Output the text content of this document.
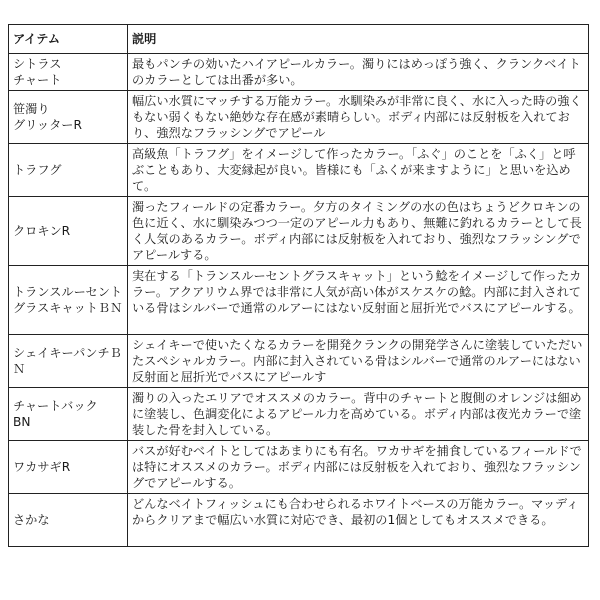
アイテム	説明
シトラス
チャート	最もパンチの効いたハイアピールカラー。濁りにはめっぽう強く、クランクベイトのカラーとしては出番が多い。
笹濁り
グリッターR	幅広い水質にマッチする万能カラー。水馴染みが非常に良く、水に入った時の強くもない弱くもない絶妙な存在感が素晴らしい。ボディ内部には反射板を入れており、強烈なフラッシングでアピール
トラフグ	高級魚「トラフグ」をイメージして作ったカラー。「ふぐ」のことを「ふく」と呼ぶこともあり、大変縁起が良い。皆様にも「ふくが来ますように」と思いを込めて。
クロキンR	濁ったフィールドの定番カラー。夕方のタイミングの水の色はちょうどクロキンの色に近く、水に馴染みつつ一定のアピール力もあり、無難に釣れるカラーとして長く人気のあるカラー。ボディ内部には反射板を入れており、強烈なフラッシングでアピールする。
トランスルーセントグラスキャットＢＮ	実在する「トランスルーセントグラスキャット」という鯰をイメージして作ったカラー。アクアリウム界では非常に人気が高い体がスケスケの鯰。内部に封入されている骨はシルバーで通常のルアーにはない反射面と屈折光でバスにアピールする。
シェイキーパンチＢＮ	シェイキーで使いたくなるカラーを開発クランクの開発学さんに塗装していただいたスペシャルカラー。内部に封入されている骨はシルバーで通常のルアーにはない反射面と屈折光でバスにアピールす
チャートバック
BN	濁りの入ったエリアでオススメのカラー。背中のチャートと腹側のオレンジは細めに塗装し、色調変化によるアピール力を高めている。ボディ内部は夜光カラーで塗装した骨を封入している。
ワカサギR	バスが好むベイトとしてはあまりにも有名。ワカサギを捕食しているフィールドでは特にオススメのカラー。ボディ内部には反射板を入れており、強烈なフラッシングでアピールする。
さかな	どんなベイトフィッシュにも合わせられるホワイトベースの万能カラー。マッディからクリアまで幅広い水質に対応でき、最初の1個としてもオススメできる。
